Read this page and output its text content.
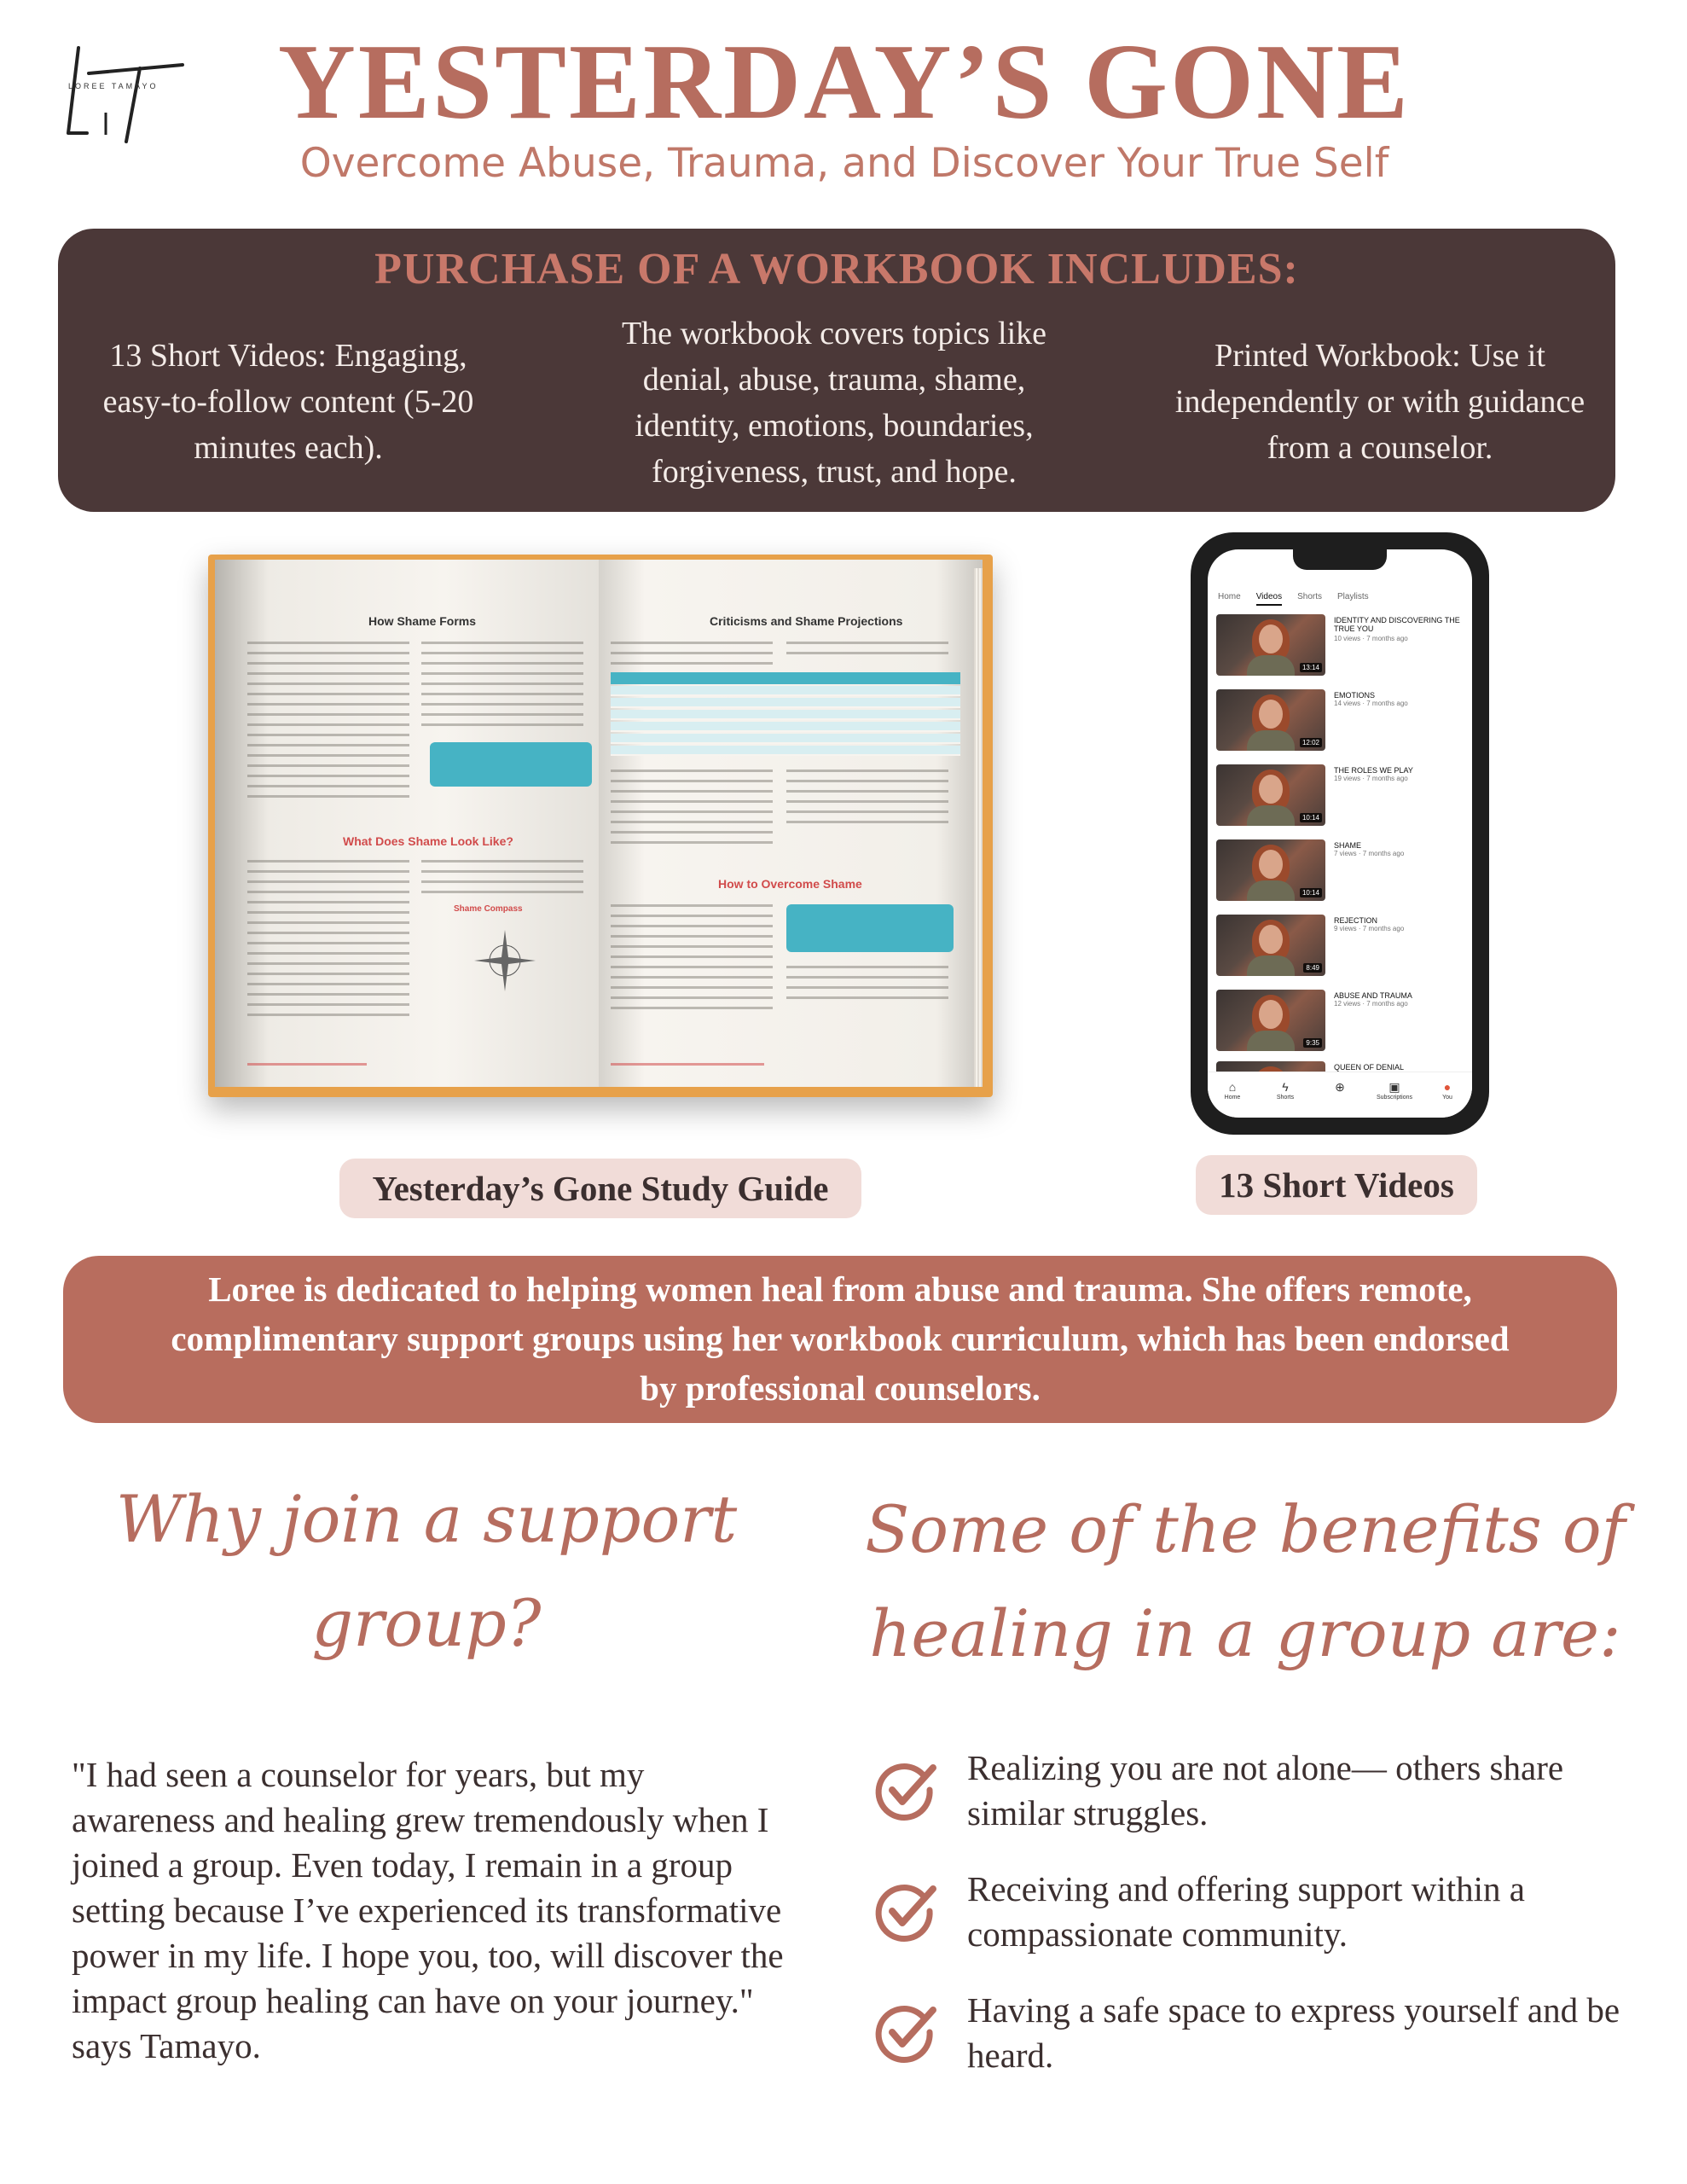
LOREE TAMAYO	YESTERDAY’S GONE
Overcome Abuse, Trauma, and Discover Your True Self
PURCHASE OF A WORKBOOK INCLUDES:
13 Short Videos: Engaging, easy-to-follow content (5-20 minutes each).
The workbook covers topics like denial, abuse, trauma, shame, identity, emotions, boundaries, forgiveness, trust, and hope.
Printed Workbook: Use it independently or with guidance from a counselor.
How Shame Forms
What Does Shame Look Like?
Shame Compass
Criticisms and Shame Projections
How to Overcome Shame
Yesterday’s Gone Study Guide
Home Videos Shorts Playlists
13:14
IDENTITY AND DISCOVERING THE TRUE YOU
10 views · 7 months ago
12:02
EMOTIONS
14 views · 7 months ago
10:14
THE ROLES WE PLAY
19 views · 7 months ago
10:14
SHAME
7 views · 7 months ago
8:49
REJECTION
9 views · 7 months ago
9:35
ABUSE AND TRAUMA
12 views · 7 months ago
QUEEN OF DENIAL
⌂
Home
ϟ
Shorts
⊕	▣
Subscriptions
●
You
13 Short Videos
Loree is dedicated to helping women heal from abuse and trauma. She offers remote, complimentary support groups using her workbook curriculum, which has been endorsed by professional counselors.
Why join a support
group?
"I had seen a counselor for years, but my awareness and healing grew tremendously when I joined a group. Even today, I remain in a group setting because I’ve experienced its transformative power in my life. I hope you, too, will discover the impact group healing can have on your journey." says Tamayo.
Some of the benefits of
healing in a group are:
Realizing you are not alone— others share similar struggles.
Receiving and offering support within a compassionate community.
Having a safe space to express yourself and be heard.
